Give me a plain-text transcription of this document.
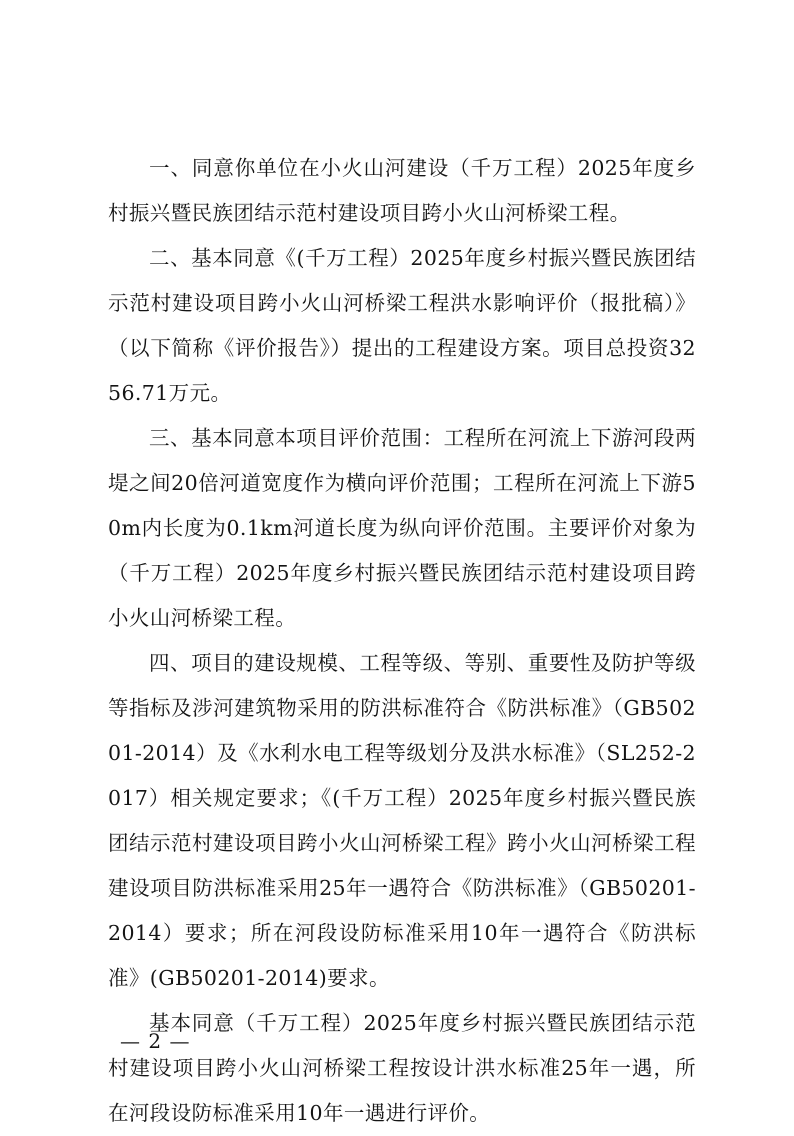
一、同意你单位在小火山河建设（千万工程）2025年度乡村振兴暨民族团结示范村建设项目跨小火山河桥梁工程。

二、基本同意《(千万工程）2025年度乡村振兴暨民族团结示范村建设项目跨小火山河桥梁工程洪水影响评价（报批稿）》（以下简称《评价报告》）提出的工程建设方案。项目总投资3256.71万元。

三、基本同意本项目评价范围：工程所在河流上下游河段两堤之间20倍河道宽度作为横向评价范围；工程所在河流上下游50m内长度为0.1km河道长度为纵向评价范围。主要评价对象为（千万工程）2025年度乡村振兴暨民族团结示范村建设项目跨小火山河桥梁工程。

四、项目的建设规模、工程等级、等别、重要性及防护等级等指标及涉河建筑物采用的防洪标准符合《防洪标准》（GB50201-2014）及《水利水电工程等级划分及洪水标准》（SL252-2017）相关规定要求；《(千万工程）2025年度乡村振兴暨民族团结示范村建设项目跨小火山河桥梁工程》跨小火山河桥梁工程建设项目防洪标准采用25年一遇符合《防洪标准》（GB50201-2014）要求；所在河段设防标准采用10年一遇符合《防洪标准》(GB50201-2014)要求。

基本同意（千万工程）2025年度乡村振兴暨民族团结示范村建设项目跨小火山河桥梁工程按设计洪水标准25年一遇，所在河段设防标准采用10年一遇进行评价。

— 2 —
